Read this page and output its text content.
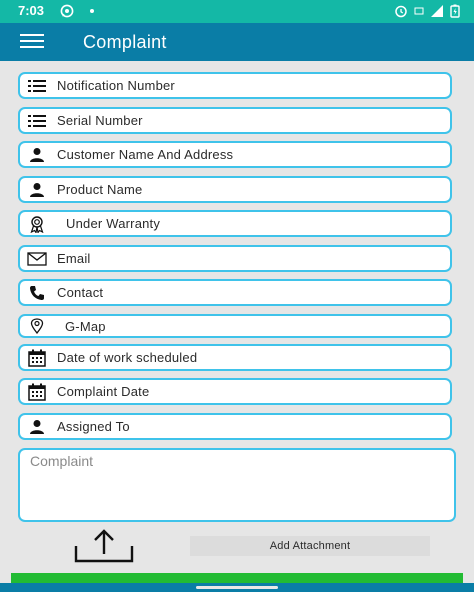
7:03
Complaint
Notification Number
Serial Number
Customer Name And Address
Product Name
Under Warranty
Email
Contact
G-Map
Date of work scheduled
Complaint Date
Assigned To
Complaint
Add Attachment
